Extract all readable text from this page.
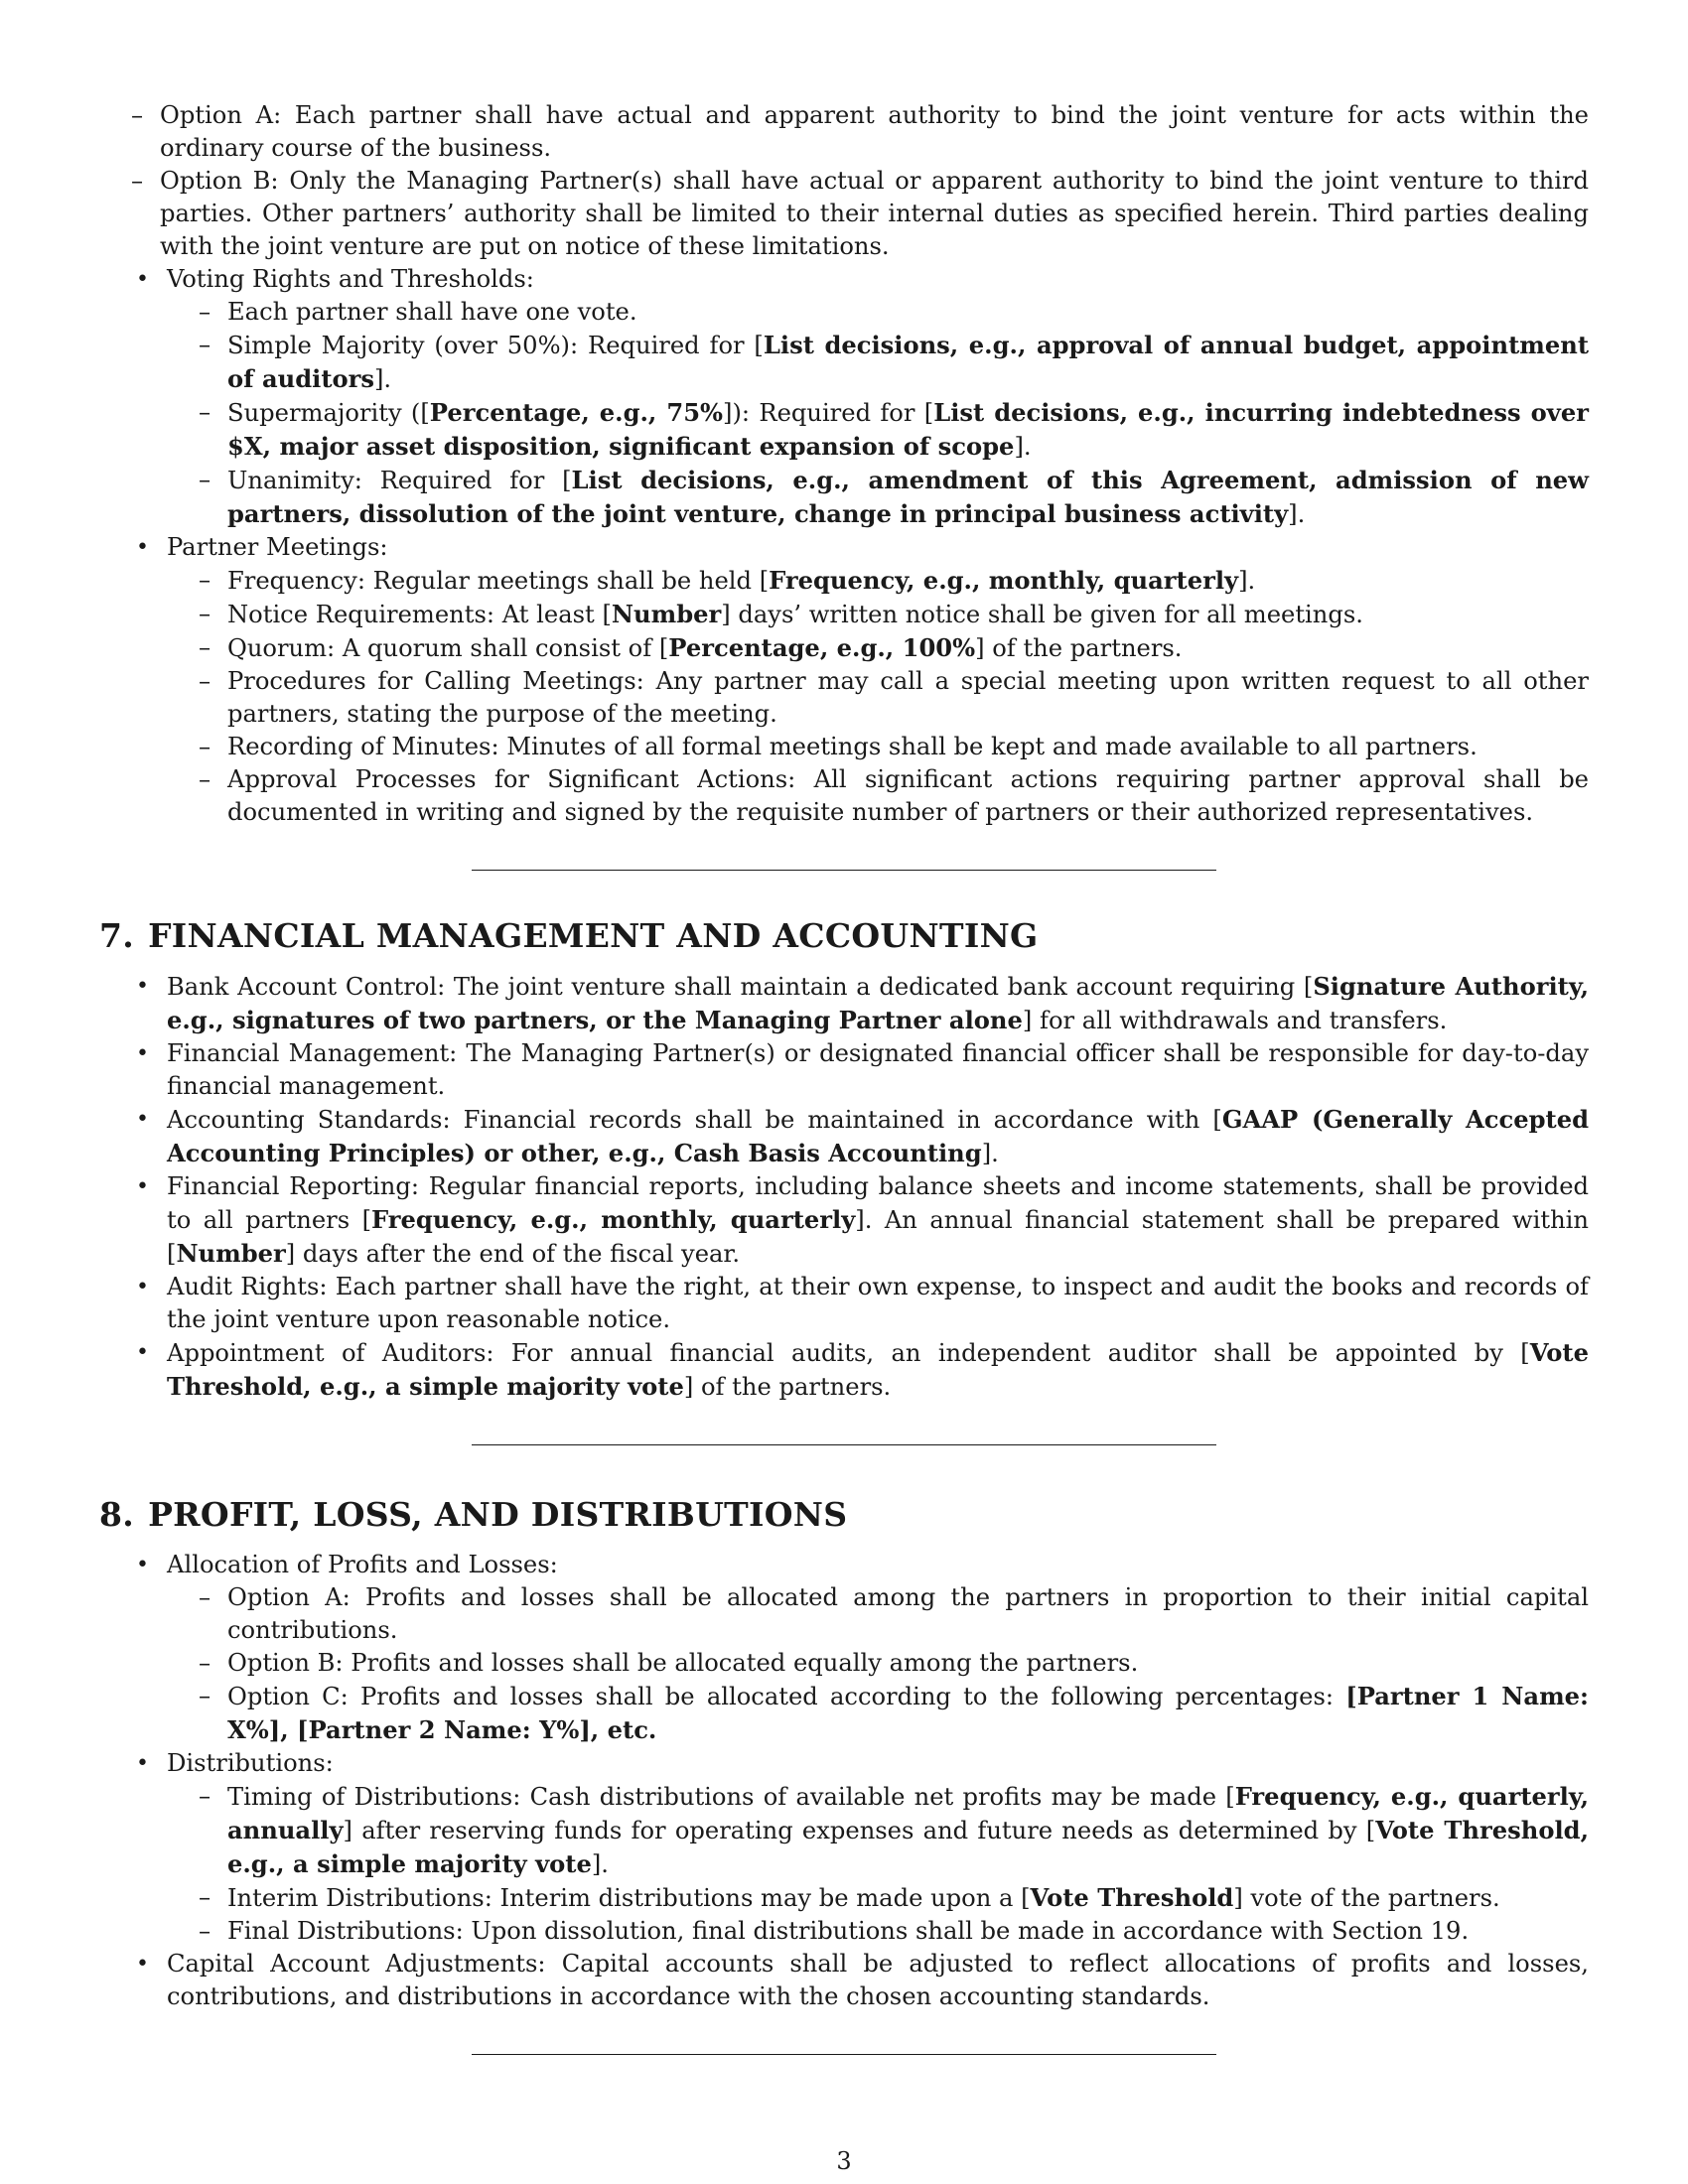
– Option A: Each partner shall have actual and apparent authority to bind the joint venture for acts within the ordinary course of the business.
– Option B: Only the Managing Partner(s) shall have actual or apparent authority to bind the joint venture to third parties. Other partners’ authority shall be limited to their internal duties as specified herein. Third parties dealing with the joint venture are put on notice of these limitations.
• Voting Rights and Thresholds:
– Each partner shall have one vote.
– Simple Majority (over 50%): Required for [List decisions, e.g., approval of annual budget, appointment of auditors].
– Supermajority ([Percentage, e.g., 75%]): Required for [List decisions, e.g., incurring indebtedness over $X, major asset disposition, significant expansion of scope].
– Unanimity: Required for [List decisions, e.g., amendment of this Agreement, admission of new partners, dissolution of the joint venture, change in principal business activity].
• Partner Meetings:
– Frequency: Regular meetings shall be held [Frequency, e.g., monthly, quarterly].
– Notice Requirements: At least [Number] days’ written notice shall be given for all meetings.
– Quorum: A quorum shall consist of [Percentage, e.g., 100%] of the partners.
– Procedures for Calling Meetings: Any partner may call a special meeting upon written request to all other partners, stating the purpose of the meeting.
– Recording of Minutes: Minutes of all formal meetings shall be kept and made available to all partners.
– Approval Processes for Significant Actions: All significant actions requiring partner approval shall be documented in writing and signed by the requisite number of partners or their authorized representatives.
7. FINANCIAL MANAGEMENT AND ACCOUNTING
• Bank Account Control: The joint venture shall maintain a dedicated bank account requiring [Signature Authority, e.g., signatures of two partners, or the Managing Partner alone] for all withdrawals and transfers.
• Financial Management: The Managing Partner(s) or designated financial officer shall be responsible for day-to-day financial management.
• Accounting Standards: Financial records shall be maintained in accordance with [GAAP (Generally Accepted Accounting Principles) or other, e.g., Cash Basis Accounting].
• Financial Reporting: Regular financial reports, including balance sheets and income statements, shall be provided to all partners [Frequency, e.g., monthly, quarterly]. An annual financial statement shall be prepared within [Number] days after the end of the fiscal year.
• Audit Rights: Each partner shall have the right, at their own expense, to inspect and audit the books and records of the joint venture upon reasonable notice.
• Appointment of Auditors: For annual financial audits, an independent auditor shall be appointed by [Vote Threshold, e.g., a simple majority vote] of the partners.
8. PROFIT, LOSS, AND DISTRIBUTIONS
• Allocation of Profits and Losses:
– Option A: Profits and losses shall be allocated among the partners in proportion to their initial capital contributions.
– Option B: Profits and losses shall be allocated equally among the partners.
– Option C: Profits and losses shall be allocated according to the following percentages: [Partner 1 Name: X%], [Partner 2 Name: Y%], etc.
• Distributions:
– Timing of Distributions: Cash distributions of available net profits may be made [Frequency, e.g., quarterly, annually] after reserving funds for operating expenses and future needs as determined by [Vote Threshold, e.g., a simple majority vote].
– Interim Distributions: Interim distributions may be made upon a [Vote Threshold] vote of the partners.
– Final Distributions: Upon dissolution, final distributions shall be made in accordance with Section 19.
• Capital Account Adjustments: Capital accounts shall be adjusted to reflect allocations of profits and losses, contributions, and distributions in accordance with the chosen accounting standards.
3
